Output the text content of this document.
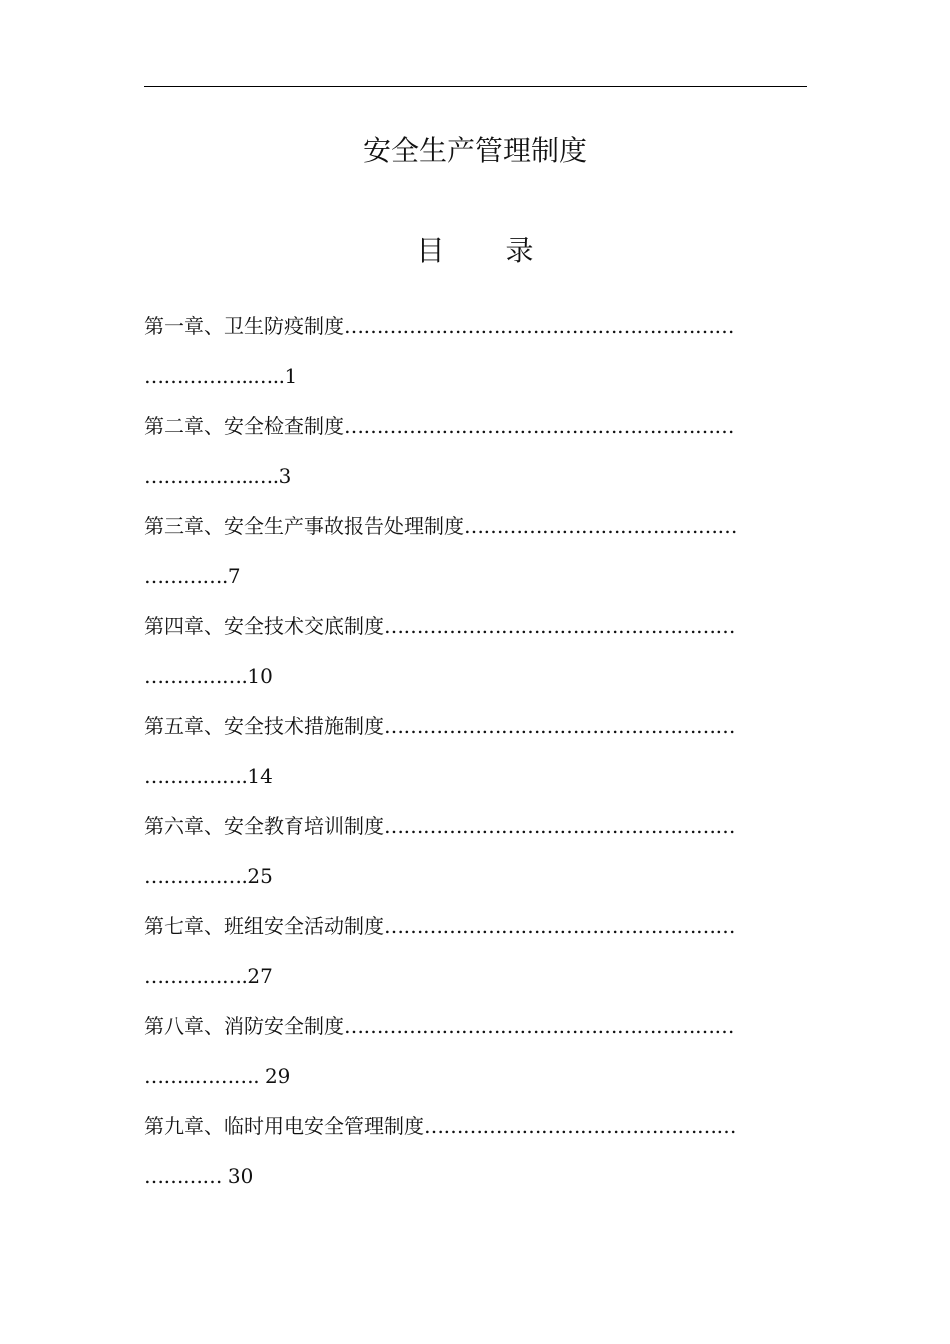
安全生产管理制度
目 录
第一章、卫生防疫制度……………………………………………………
……………..…..1
第二章、安全检查制度……………………………………………………
……………..….3
第三章、安全生产事故报告处理制度……………………………………
………….7
第四章、安全技术交底制度………………………………………………
…………….10
第五章、安全技术措施制度………………………………………………
…………….14
第六章、安全教育培训制度………………………………………………
…………….25
第七章、班组安全活动制度………………………………………………
…………….27
第八章、消防安全制度……………………………………………………
……..………. 29
第九章、临时用电安全管理制度…………………………………………
………… 30
